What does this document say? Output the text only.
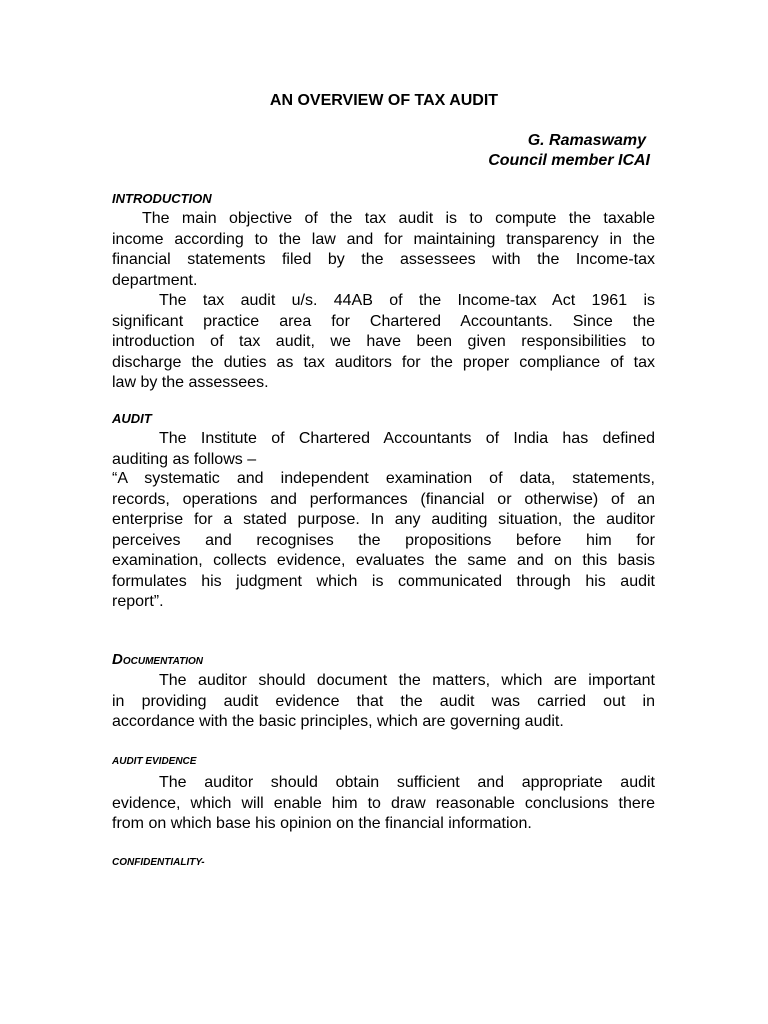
AN OVERVIEW OF TAX AUDIT
G. Ramaswamy
Council member ICAI
INTRODUCTION

The main objective of the tax audit is to compute the taxable
income according to the law and for maintaining transparency in the
financial statements filed by the assessees with the Income-tax
department.

The tax audit u/s. 44AB of the Income-tax Act 1961 is
significant practice area for Chartered Accountants. Since the
introduction of tax audit, we have been given responsibilities to
discharge the duties as tax auditors for the proper compliance of tax
law by the assessees.

AUDIT

The Institute of Chartered Accountants of India has defined
auditing as follows –

“A systematic and independent examination of data, statements,
records, operations and performances (financial or otherwise) of an
enterprise for a stated purpose. In any auditing situation, the auditor
perceives and recognises the propositions before him for
examination, collects evidence, evaluates the same and on this basis
formulates his judgment which is communicated through his audit
report”.

DOCUMENTATION

The auditor should document the matters, which are important
in providing audit evidence that the audit was carried out in
accordance with the basic principles, which are governing audit.

AUDIT EVIDENCE

The auditor should obtain sufficient and appropriate audit
evidence, which will enable him to draw reasonable conclusions there
from on which base his opinion on the financial information.

CONFIDENTIALITY-
